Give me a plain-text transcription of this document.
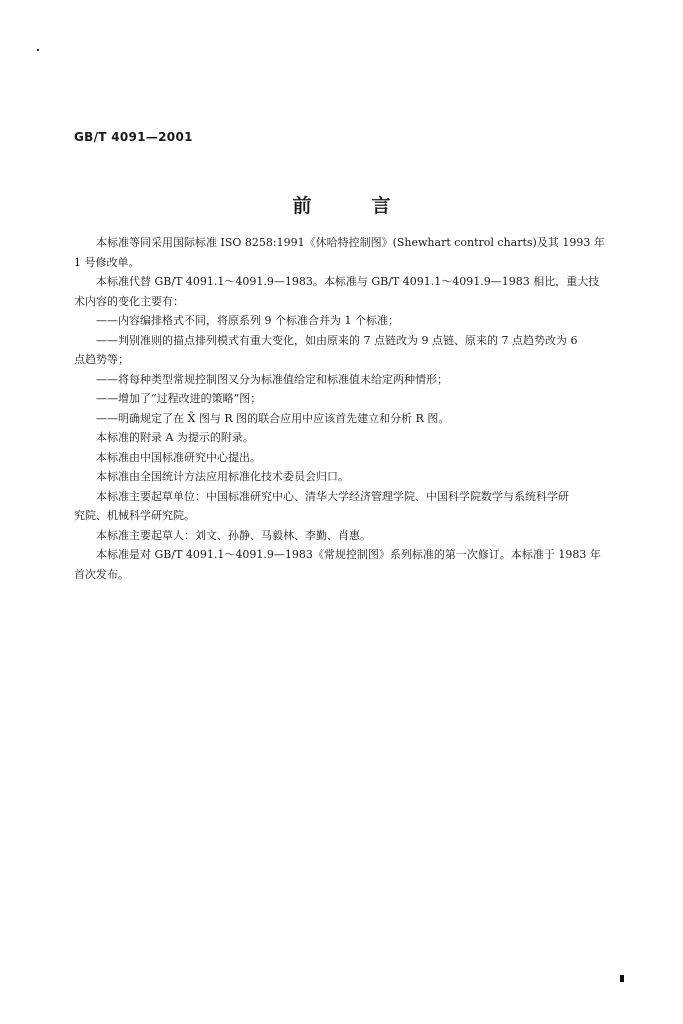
GB/T 4091—2001
前言
本标准等同采用国际标准 ISO 8258:1991《休哈特控制图》(Shewhart control charts)及其 1993 年
1 号修改单。
本标准代替 GB/T 4091.1～4091.9—1983。本标准与 GB/T 4091.1～4091.9—1983 相比，重大技
术内容的变化主要有：
——内容编排格式不同，将原系列 9 个标准合并为 1 个标准；
——判别准则的描点排列模式有重大变化，如由原来的 7 点链改为 9 点链、原来的 7 点趋势改为 6
点趋势等；
——将每种类型常规控制图又分为标准值给定和标准值未给定两种情形；
——增加了“过程改进的策略”图；
——明确规定了在 X̄ 图与 R 图的联合应用中应该首先建立和分析 R 图。
本标准的附录 A 为提示的附录。
本标准由中国标准研究中心提出。
本标准由全国统计方法应用标准化技术委员会归口。
本标准主要起草单位：中国标准研究中心、清华大学经济管理学院、中国科学院数学与系统科学研
究院、机械科学研究院。
本标准主要起草人：刘文、孙静、马毅林、李勤、肖惠。
本标准是对 GB/T 4091.1～4091.9—1983《常规控制图》系列标准的第一次修订。本标准于 1983 年
首次发布。
